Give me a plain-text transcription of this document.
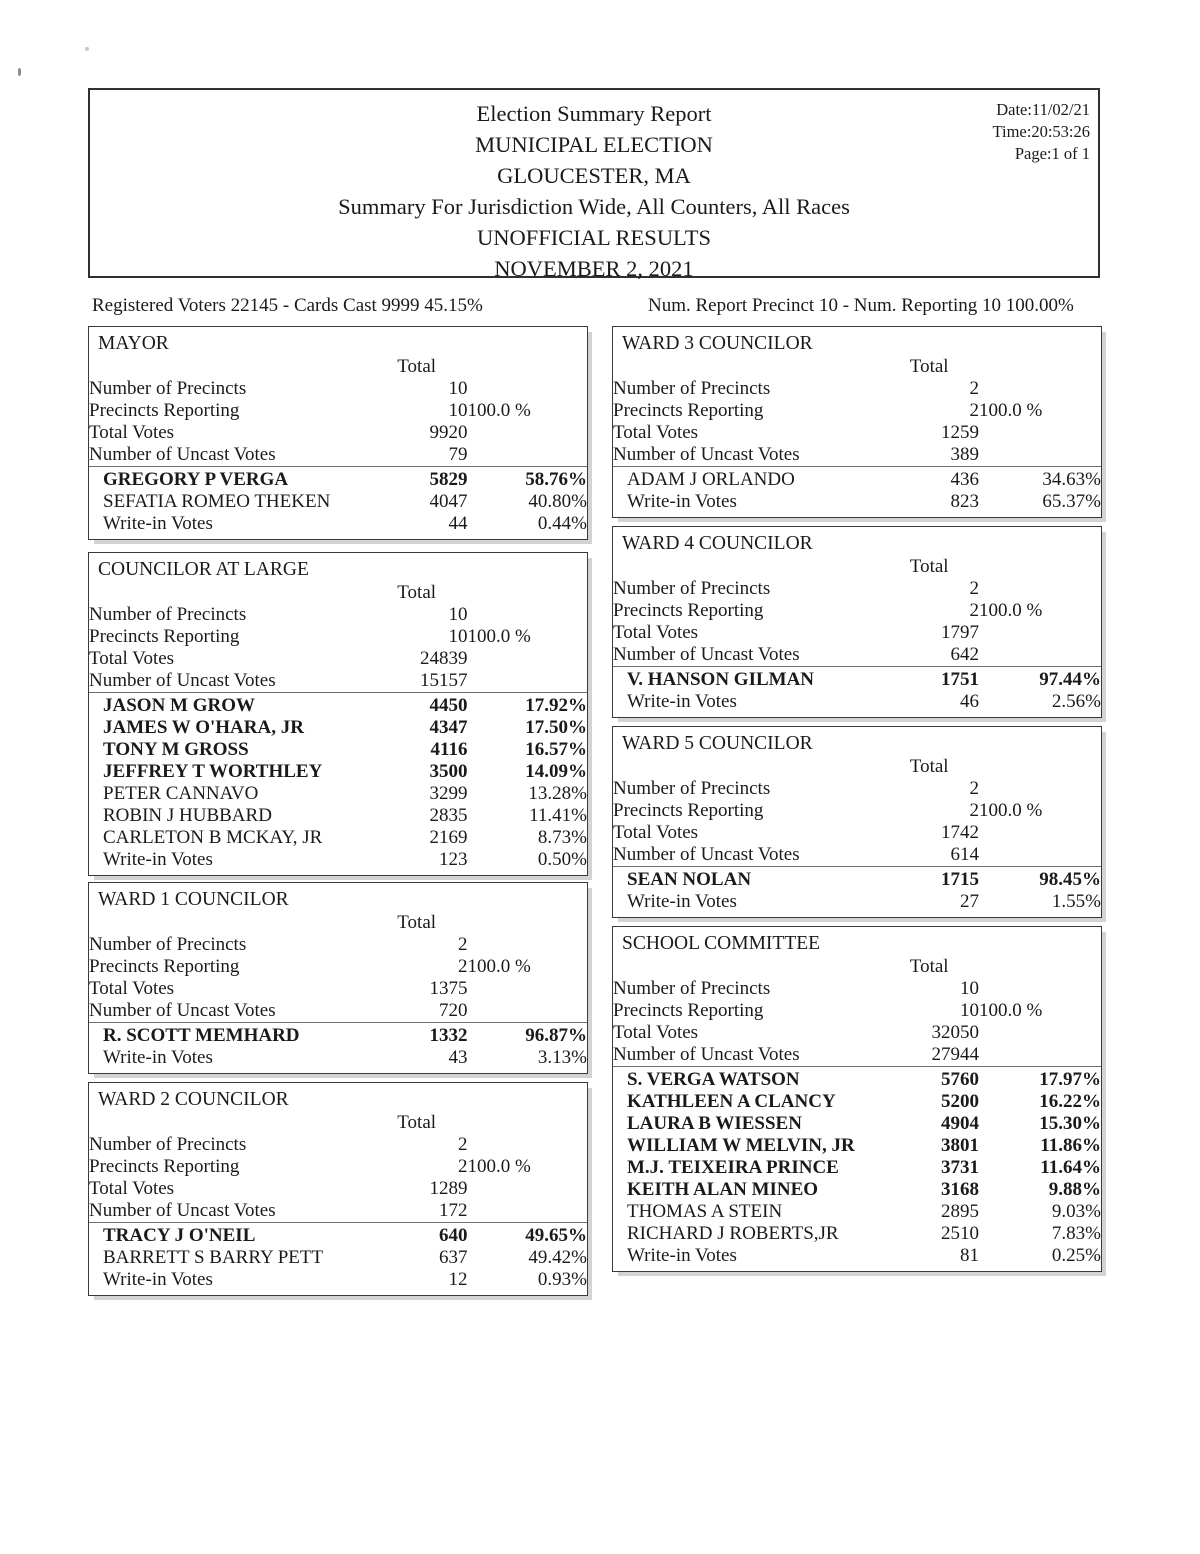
Election Summary Report
MUNICIPAL ELECTION
GLOUCESTER, MA
Summary For Jurisdiction Wide, All Counters, All Races
UNOFFICIAL RESULTS
NOVEMBER 2, 2021
Date:11/02/21
Time:20:53:26
Page:1 of 1
Registered Voters 22145 - Cards Cast 9999 45.15%	Num. Report Precinct 10 - Num. Reporting 10 100.00%
MAYOR
	Total	
Number of Precincts	10	
Precincts Reporting	10	100.0 %
Total Votes	9920	
Number of Uncast Votes	79	

GREGORY P VERGA	5829	58.76%
SEFATIA ROMEO THEKEN	4047	40.80%
Write-in Votes	44	0.44%
COUNCILOR AT LARGE
	Total	
Number of Precincts	10	
Precincts Reporting	10	100.0 %
Total Votes	24839	
Number of Uncast Votes	15157	

JASON M GROW	4450	17.92%
JAMES W O'HARA, JR	4347	17.50%
TONY M GROSS	4116	16.57%
JEFFREY T WORTHLEY	3500	14.09%
PETER CANNAVO	3299	13.28%
ROBIN J HUBBARD	2835	11.41%
CARLETON B MCKAY, JR	2169	8.73%
Write-in Votes	123	0.50%
WARD 1 COUNCILOR
	Total	
Number of Precincts	2	
Precincts Reporting	2	100.0 %
Total Votes	1375	
Number of Uncast Votes	720	

R. SCOTT MEMHARD	1332	96.87%
Write-in Votes	43	3.13%
WARD 2 COUNCILOR
	Total	
Number of Precincts	2	
Precincts Reporting	2	100.0 %
Total Votes	1289	
Number of Uncast Votes	172	

TRACY J O'NEIL	640	49.65%
BARRETT S BARRY PETT	637	49.42%
Write-in Votes	12	0.93%
WARD 3 COUNCILOR
	Total	
Number of Precincts	2	
Precincts Reporting	2	100.0 %
Total Votes	1259	
Number of Uncast Votes	389	

ADAM J ORLANDO	436	34.63%
Write-in Votes	823	65.37%
WARD 4 COUNCILOR
	Total	
Number of Precincts	2	
Precincts Reporting	2	100.0 %
Total Votes	1797	
Number of Uncast Votes	642	

V. HANSON GILMAN	1751	97.44%
Write-in Votes	46	2.56%
WARD 5 COUNCILOR
	Total	
Number of Precincts	2	
Precincts Reporting	2	100.0 %
Total Votes	1742	
Number of Uncast Votes	614	

SEAN NOLAN	1715	98.45%
Write-in Votes	27	1.55%
SCHOOL COMMITTEE
	Total	
Number of Precincts	10	
Precincts Reporting	10	100.0 %
Total Votes	32050	
Number of Uncast Votes	27944	

S. VERGA WATSON	5760	17.97%
KATHLEEN A CLANCY	5200	16.22%
LAURA B WIESSEN	4904	15.30%
WILLIAM W MELVIN, JR	3801	11.86%
M.J. TEIXEIRA PRINCE	3731	11.64%
KEITH ALAN MINEO	3168	9.88%
THOMAS A STEIN	2895	9.03%
RICHARD J ROBERTS,JR	2510	7.83%
Write-in Votes	81	0.25%
